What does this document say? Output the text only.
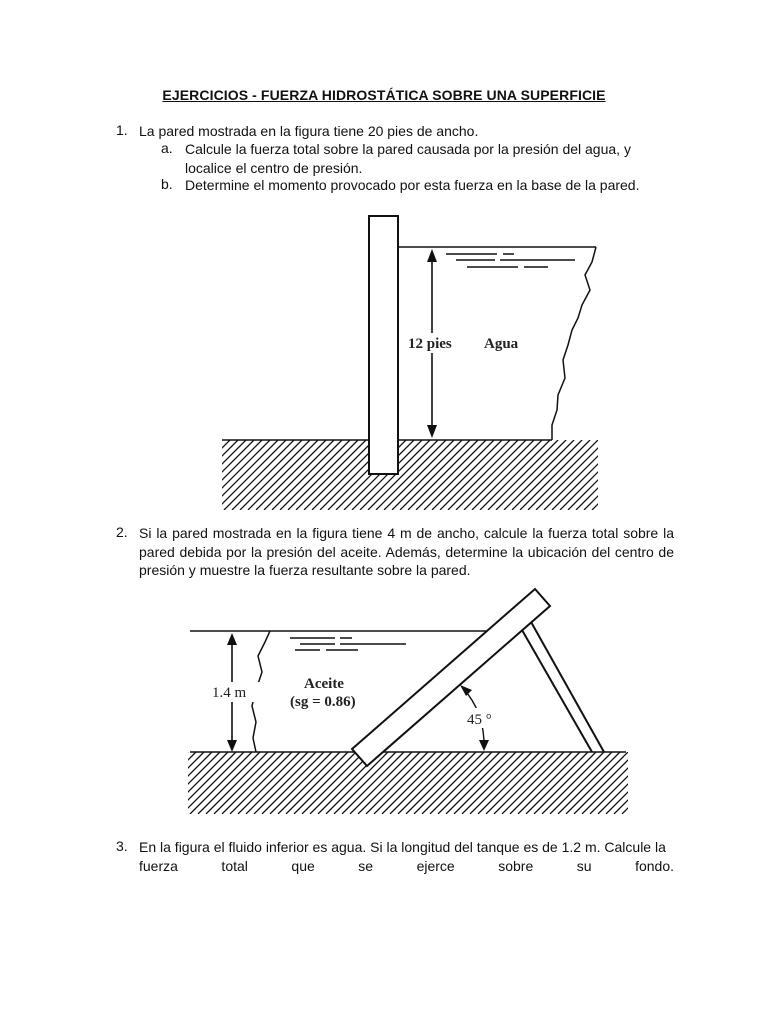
EJERCICIOS - FUERZA HIDROSTÁTICA SOBRE UNA SUPERFICIE
1. La pared mostrada en la figura tiene 20 pies de ancho.
a. Calcule la fuerza total sobre la pared causada por la presión del agua, y localice el centro de presión.
b. Determine el momento provocado por esta fuerza en la base de la pared.
2. Si la pared mostrada en la figura tiene 4 m de ancho, calcule la fuerza total sobre la pared debida por la presión del aceite. Además, determine la ubicación del centro de presión y muestre la fuerza resultante sobre la pared.
3. En la figura el fluido inferior es agua. Si la longitud del tanque es de 1.2 m. Calcule la
fuerza total que se ejerce sobre su fondo.
12 pies Agua
1.4 m
Aceite
(sg = 0.86)
45 °
